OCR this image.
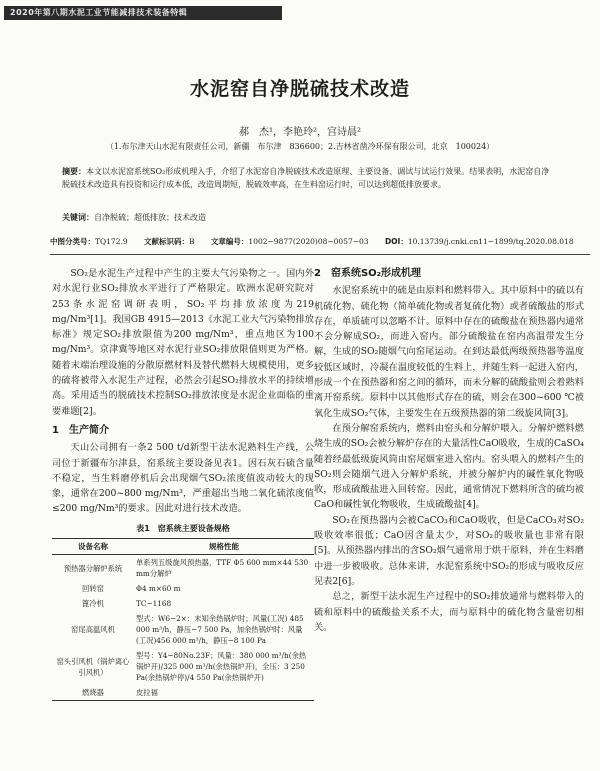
2020年第八期水泥工业节能减排技术装备特辑
水泥窑自净脱硫技术改造
郝　杰¹，李艳玲²，宫诗晨²
（1.布尔津天山水泥有限责任公司，新疆　布尔津　836600；2.吉林省凿冷环保有限公司，北京　100024）
摘要：本文以水泥窑系统SO₂形成机理入手，介绍了水泥窑自净脱硫技术改造原理、主要设备、调试与试运行效果。结果表明，水泥窑自净脱硫技术改造具有投资和运行成本低，改造周期短，脱硫效率高，在生料窑运行时，可以达到超低排放要求。
关键词：自净脱硫；超低排放；技术改造
中图分类号：TQ172.9 文献标识码：B 文章编号：1002−9877(2020)08−0057−03 DOI：10.13739/j.cnki.cn11−1899/tq.2020.08.018

SO₂是水泥生产过程中产生的主要大气污染物之一。国内外对水泥行业SO₂排放水平进行了严格限定。欧洲水泥研究院对253条水泥窑调研表明，SO₂平均排放浓度为219 mg/Nm³[1]。我国GB 4915—2013《水泥工业大气污染物排放标准》规定SO₂排放限值为200 mg/Nm³，重点地区为100 mg/Nm³。京津冀等地区对水泥行业SO₂排放限值则更为严格。随着末端治理设施的分散原燃材料及替代燃料大规模使用，更多的硫将被带入水泥生产过程，必然会引起SO₂排放水平的持续增高。采用适当的脱硫技术控制SO₂排放浓度是水泥企业面临的重要难题[2]。

1　生产简介

天山公司拥有一条2 500 t/d新型干法水泥熟料生产线，公司位于新疆布尔津县，窑系统主要设备见表1。因石灰石硫含量不稳定，当生料磨停机后会出现烟气SO₂浓度值波动较大的现象，通常在200~800 mg/Nm³，严重超出当地二氧化硫浓度值≤200 mg/Nm³的要求。因此对进行技术改造。

表1　窑系统主要设备规格
设备名称	规格性能
预热器分解炉系统	单系列五级旋风预热器，TTF Φ5 600 mm×44 530 mm分解炉
回转窑	Φ4 m×60 m
篦冷机	TC−1168
窑尾高温风机	型式：W6−2×：末知余热锅炉时；风量(工况) 485 000 m³/h，静压−7 500 Pa，加余热锅炉时：风量(工况)456 000 m³/h，静压−8 100 Pa
窑头引风机（锅炉离心引风机）	型号：Y4−80No.23F；风量：380 000 m³/h(余热锅炉开)/325 000 m³/h(余热锅炉开)，全压：3 250 Pa(余热锅炉停)/4 550 Pa(余热锅炉开)
燃烧器	皮拉福
2　窑系统SO₂形成机理

水泥窑系统中的硫是由原料和燃料带入。其中原料中的硫以有机硫化物、硫化物（简单硫化物或者复硫化物）或者硫酸盐的形式存在，单质硫可以忽略不计。原料中存在的硫酸盐在预热器内通常不会分解成SO₂，而进入窑内。部分硫酸盐在窑内高温带发生分解，生成的SO₂随烟气向窑尾运动。在到达最低两级预热器等温度较低区域时，冷凝在温度较低的生料上，并随生料一起进入窑内，形成一个在预热器和窑之间的循环，而未分解的硫酸盐则会着熟料离开窑系统。原料中以其他形式存在的硫，则会在300~600 ℃被氧化生成SO₂气体，主要发生在五级预热器的第二级旋风筒[3]。

在预分解窑系统内，燃料由窑头和分解炉喂入。分解炉燃料燃烧生成的SO₂会被分解炉存在的大量活性CaO吸收，生成的CaSO₄随着经最低级旋风筒由窑尾烟室进入窑内。窑头喂入的燃料产生的SO₂则会随烟气进入分解炉系统，并被分解炉内的碱性氧化物吸收，形成硫酸盐进入回转窑。因此，通常情况下燃料所含的硫均被CaO和碱性氧化物吸收，生成硫酸盐[4]。

SO₂在预热器内会被CaCO₃和CaO吸收，但是CaCO₃对SO₂吸收效率很低；CaO因含量太少，对SO₂的吸收量也非常有限[5]。从预热器内排出的含SO₂烟气通常用于烘干原料，并在生料磨中进一步被吸收。总体来讲，水泥窑系统中SO₂的形成与吸收反应见表2[6]。

总之，新型干法水泥生产过程中的SO₂排放通常与燃料带入的硫和原料中的硫酸盐关系不大，而与原料中的硫化物含量密切相关。
